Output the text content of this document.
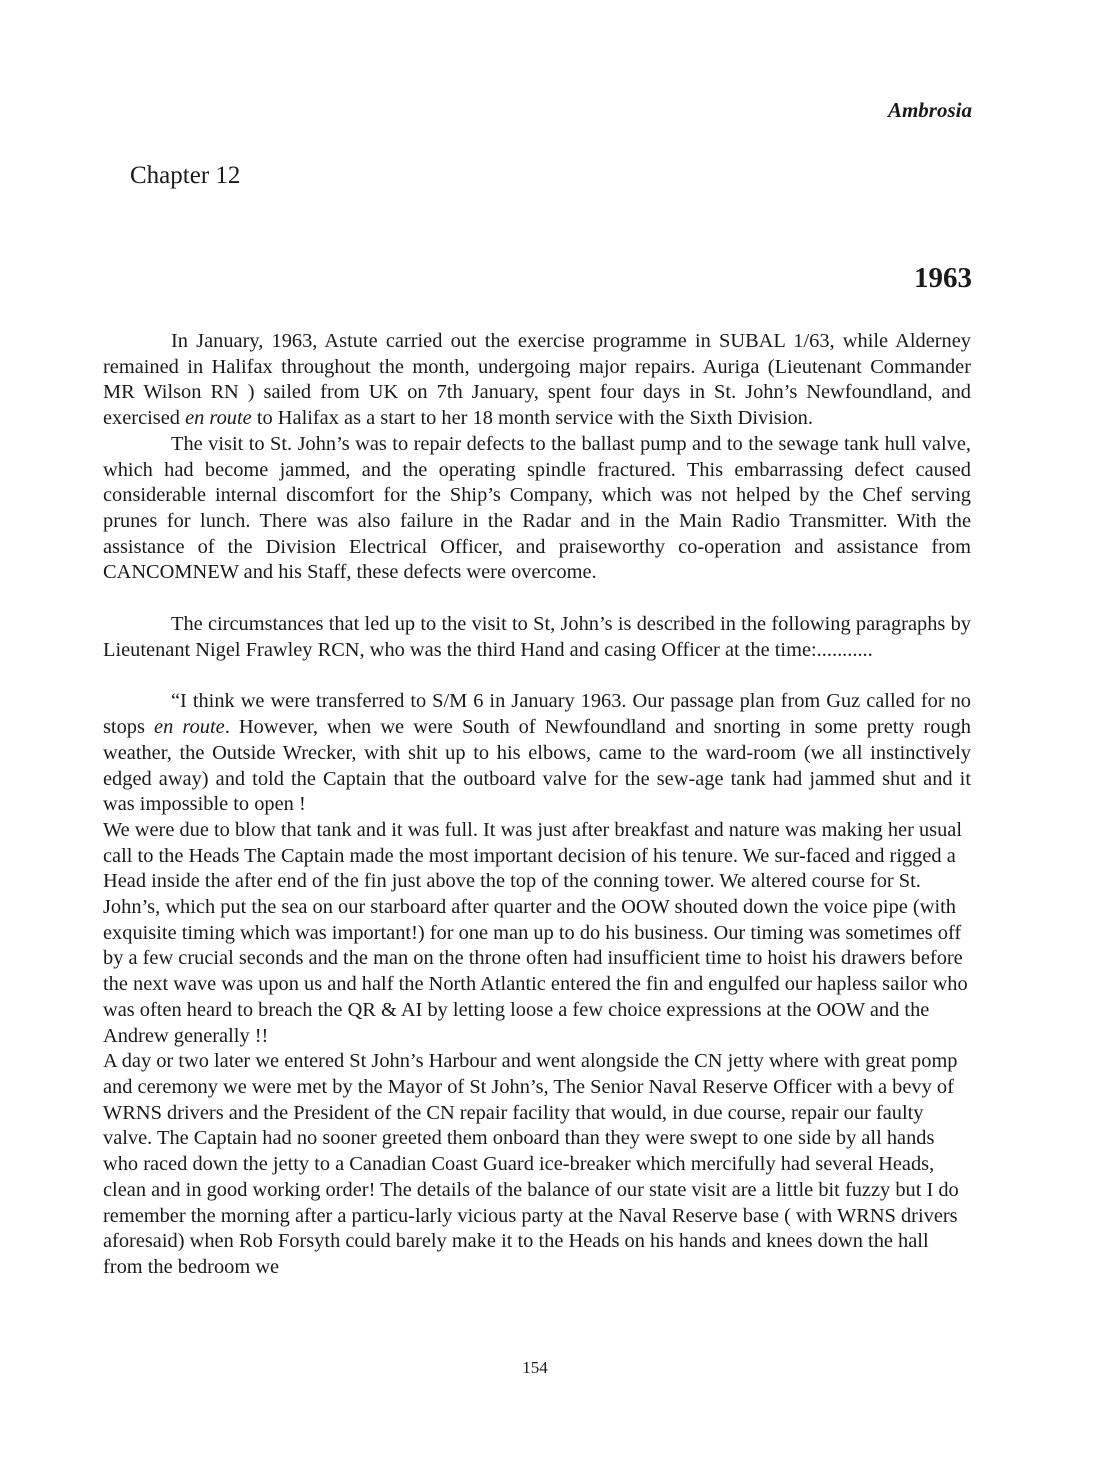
Ambrosia
Chapter 12
1963

In January, 1963, Astute carried out the exercise programme in SUBAL 1/63, while Alderney remained in Halifax throughout the month, undergoing major repairs. Auriga (Lieutenant Commander MR Wilson RN ) sailed from UK on 7th January, spent four days in St. John’s Newfoundland, and exercised en route to Halifax as a start to her 18 month service with the Sixth Division.

The visit to St. John’s was to repair defects to the ballast pump and to the sewage tank hull valve, which had become jammed, and the operating spindle fractured. This embarrassing defect caused considerable internal discomfort for the Ship’s Company, which was not helped by the Chef serving prunes for lunch. There was also failure in the Radar and in the Main Radio Transmitter. With the assistance of the Division Electrical Officer, and praiseworthy co-operation and assistance from CANCOMNEW and his Staff, these defects were overcome.

The circumstances that led up to the visit to St, John’s is described in the following paragraphs by Lieutenant Nigel Frawley RCN, who was the third Hand and casing Officer at the time:...........

“I think we were transferred to S/M 6 in January 1963. Our passage plan from Guz called for no stops en route. However, when we were South of Newfoundland and snorting in some pretty rough weather, the Outside Wrecker, with shit up to his elbows, came to the ward-room (we all instinctively edged away) and told the Captain that the outboard valve for the sew-age tank had jammed shut and it was impossible to open !

We were due to blow that tank and it was full. It was just after breakfast and nature was making her usual call to the Heads The Captain made the most important decision of his tenure. We sur-faced and rigged a Head inside the after end of the fin just above the top of the conning tower. We altered course for St. John’s, which put the sea on our starboard after quarter and the OOW shouted down the voice pipe (with exquisite timing which was important!) for one man up to do his business. Our timing was sometimes off by a few crucial seconds and the man on the throne often had insufficient time to hoist his drawers before the next wave was upon us and half the North Atlantic entered the fin and engulfed our hapless sailor who was often heard to breach the QR & AI by letting loose a few choice expressions at the OOW and the Andrew generally !!

A day or two later we entered St John’s Harbour and went alongside the CN jetty where with great pomp and ceremony we were met by the Mayor of St John’s, The Senior Naval Reserve Officer with a bevy of WRNS drivers and the President of the CN repair facility that would, in due course, repair our faulty valve. The Captain had no sooner greeted them onboard than they were swept to one side by all hands who raced down the jetty to a Canadian Coast Guard ice-breaker which mercifully had several Heads, clean and in good working order! The details of the balance of our state visit are a little bit fuzzy but I do remember the morning after a particu-larly vicious party at the Naval Reserve base ( with WRNS drivers aforesaid) when Rob Forsyth could barely make it to the Heads on his hands and knees down the hall from the bedroom we

154
